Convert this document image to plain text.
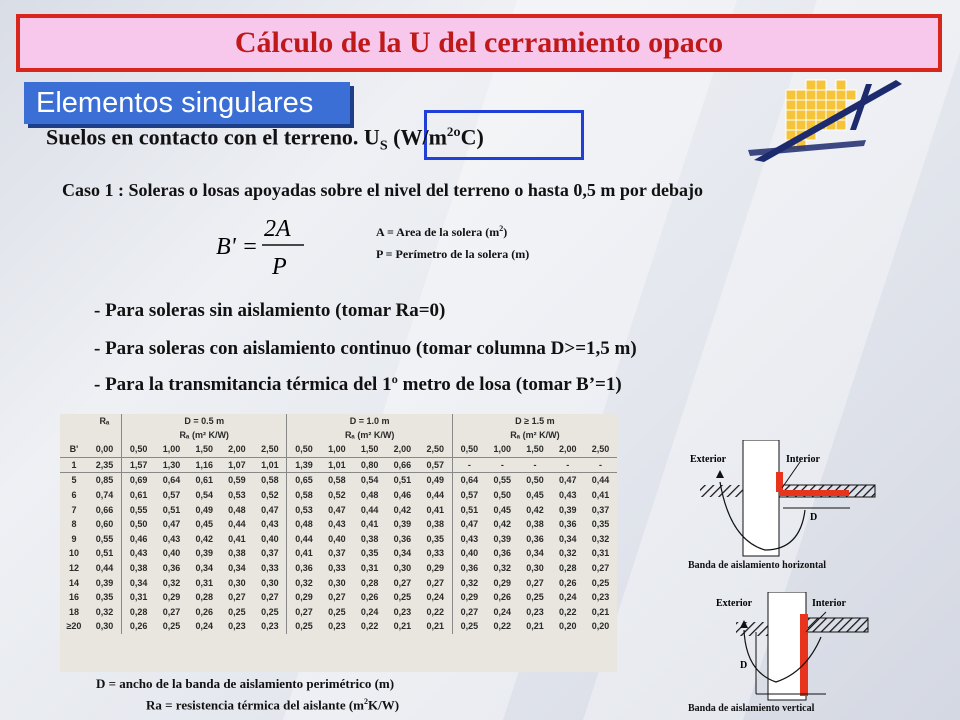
Cálculo de la U del cerramiento opaco
Elementos singulares
Suelos en contacto con el terreno. $U_S$ $(W/m^2ºC)$
Caso 1 : Soleras o losas apoyadas sobre el nivel del terreno o hasta 0,5 m por debajo
B' =
2A
P
A = Area de la solera $(m^2)$
P = Perímetro de la solera (m)
- Para soleras sin aislamiento (tomar Ra=0)
- Para soleras con aislamiento continuo (tomar columna D>=1,5 m)
- Para la transmitancia térmica del 1º metro de losa (tomar B’=1)
	Rₐ	D = 0.5 m					D = 1.0 m					D ≥ 1.5 m				
		Rₐ (m² K/W)					Rₐ (m² K/W)					Rₐ (m² K/W)				
B'	0,00	0,50	1,00	1,50	2,00	2,50	0,50	1,00	1,50	2,00	2,50	0,50	1,00	1,50	2,00	2,50
1	2,35	1,57	1,30	1,16	1,07	1,01	1,39	1,01	0,80	0,66	0,57	-	-	-	-	-
5	0,85	0,69	0,64	0,61	0,59	0,58	0,65	0,58	0,54	0,51	0,49	0,64	0,55	0,50	0,47	0,44
6	0,74	0,61	0,57	0,54	0,53	0,52	0,58	0,52	0,48	0,46	0,44	0,57	0,50	0,45	0,43	0,41
7	0,66	0,55	0,51	0,49	0,48	0,47	0,53	0,47	0,44	0,42	0,41	0,51	0,45	0,42	0,39	0,37
8	0,60	0,50	0,47	0,45	0,44	0,43	0,48	0,43	0,41	0,39	0,38	0,47	0,42	0,38	0,36	0,35
9	0,55	0,46	0,43	0,42	0,41	0,40	0,44	0,40	0,38	0,36	0,35	0,43	0,39	0,36	0,34	0,32
10	0,51	0,43	0,40	0,39	0,38	0,37	0,41	0,37	0,35	0,34	0,33	0,40	0,36	0,34	0,32	0,31
12	0,44	0,38	0,36	0,34	0,34	0,33	0,36	0,33	0,31	0,30	0,29	0,36	0,32	0,30	0,28	0,27
14	0,39	0,34	0,32	0,31	0,30	0,30	0,32	0,30	0,28	0,27	0,27	0,32	0,29	0,27	0,26	0,25
16	0,35	0,31	0,29	0,28	0,27	0,27	0,29	0,27	0,26	0,25	0,24	0,29	0,26	0,25	0,24	0,23
18	0,32	0,28	0,27	0,26	0,25	0,25	0,27	0,25	0,24	0,23	0,22	0,27	0,24	0,23	0,22	0,21
≥20	0,30	0,26	0,25	0,24	0,23	0,23	0,25	0,23	0,22	0,21	0,21	0,25	0,22	0,21	0,20	0,20
D = ancho de la banda de aislamiento perimétrico (m)
Ra = resistencia térmica del aislante $(m^2K/W)$
Exterior	Interior
D
Banda de aislamiento horizontal
Exterior	Interior
D
Banda de aislamiento vertical
